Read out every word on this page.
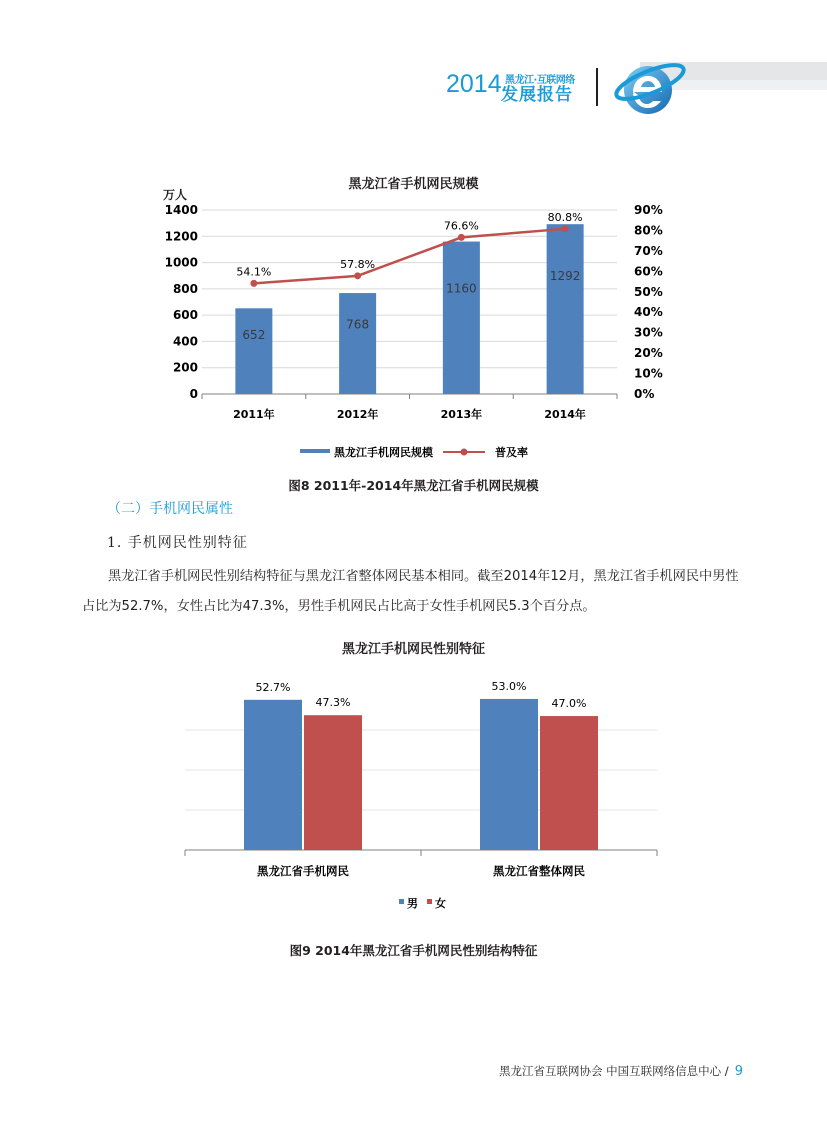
2014 黑龙江·互联网络
发展报告
黑龙江省手机网民规模
万人
0
200
400
600
800
1000
1200
1400
0%
10%
20%
30%
40%
50%
60%
70%
80%
90%
652
2011年
768
2012年
1160
2013年
1292
2014年
54.1%
57.8%
76.6%
80.8%
黑龙江手机网民规模	普及率
图8 2011年-2014年黑龙江省手机网民规模
（二）手机网民属性
1. 手机网民性别特征
黑龙江省手机网民性别结构特征与黑龙江省整体网民基本相同。截至2014年12月，黑龙江省手机网民中男性占比为52.7%，女性占比为47.3%，男性手机网民占比高于女性手机网民5.3个百分点。
黑龙江手机网民性别特征
52.7%
47.3%
黑龙江省手机网民
53.0%
47.0%
黑龙江省整体网民
男 女
图9 2014年黑龙江省手机网民性别结构特征
黑龙江省互联网协会 中国互联网络信息中心 / 9
